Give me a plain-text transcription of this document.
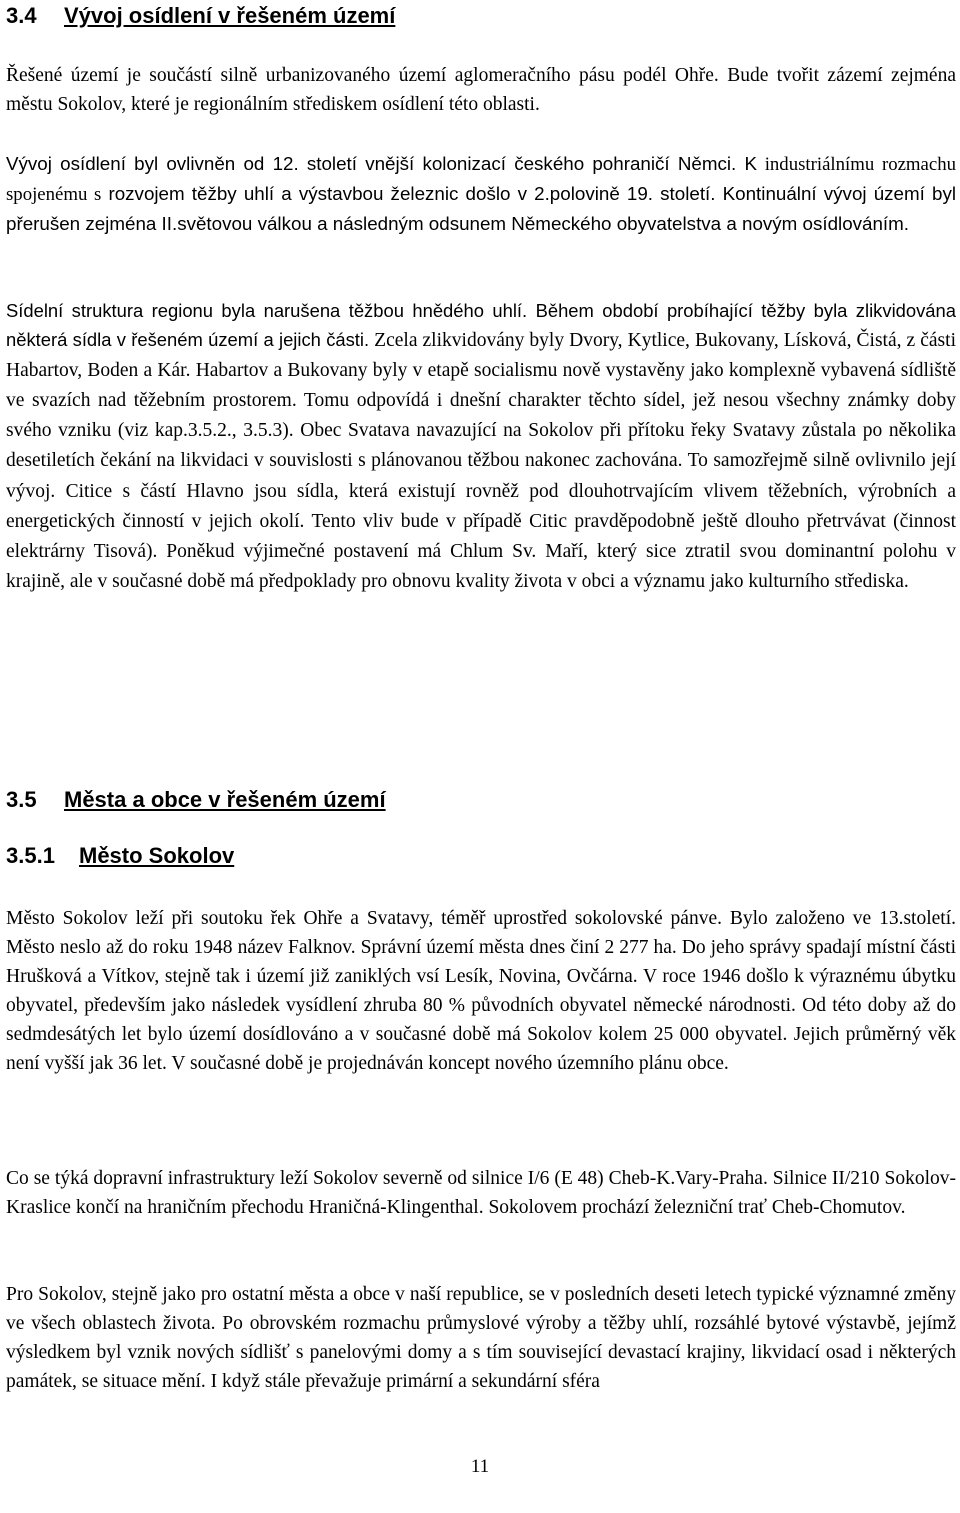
3.4 Vývoj osídlení v řešeném území

Řešené území je součástí silně urbanizovaného území aglomeračního pásu podél Ohře. Bude tvořit zázemí zejména městu Sokolov, které je regionálním střediskem osídlení této oblasti.

Vývoj osídlení byl ovlivněn od 12. století vnější kolonizací českého pohraničí Němci. K industriálnímu rozmachu spojenému s rozvojem těžby uhlí a výstavbou železnic došlo v 2.polovině 19. století. Kontinuální vývoj území byl přerušen zejména II.světovou válkou a následným odsunem Německého obyvatelstva a novým osídlováním.

Sídelní struktura regionu byla narušena těžbou hnědého uhlí. Během období probíhající těžby byla zlikvidována některá sídla v řešeném území a jejich části. Zcela zlikvidovány byly Dvory, Kytlice, Bukovany, Lísková, Čistá, z části Habartov, Boden a Kár. Habartov a Bukovany byly v etapě socialismu nově vystavěny jako komplexně vybavená sídliště ve svazích nad těžebním prostorem. Tomu odpovídá i dnešní charakter těchto sídel, jež nesou všechny známky doby svého vzniku (viz kap.3.5.2., 3.5.3). Obec Svatava navazující na Sokolov při přítoku řeky Svatavy zůstala po několika desetiletích čekání na likvidaci v souvislosti s plánovanou těžbou nakonec zachována. To samozřejmě silně ovlivnilo její vývoj. Citice s částí Hlavno jsou sídla, která existují rovněž pod dlouhotrvajícím vlivem těžebních, výrobních a energetických činností v jejich okolí. Tento vliv bude v případě Citic pravděpodobně ještě dlouho přetrvávat (činnost elektrárny Tisová). Poněkud výjimečné postavení má Chlum Sv. Maří, který sice ztratil svou dominantní polohu v krajině, ale v současné době má předpoklady pro obnovu kvality života v obci a významu jako kulturního střediska.

3.5 Města a obce v řešeném území
3.5.1 Město Sokolov

Město Sokolov leží při soutoku řek Ohře a Svatavy, téměř uprostřed sokolovské pánve. Bylo založeno ve 13.století. Město neslo až do roku 1948 název Falknov. Správní území města dnes činí 2 277 ha. Do jeho správy spadají místní části Hrušková a Vítkov, stejně tak i území již zaniklých vsí Lesík, Novina, Ovčárna. V roce 1946 došlo k výraznému úbytku obyvatel, především jako následek vysídlení zhruba 80 % původních obyvatel německé národnosti. Od této doby až do sedmdesátých let bylo území dosídlováno a v současné době má Sokolov kolem 25 000 obyvatel. Jejich průměrný věk není vyšší jak 36 let. V současné době je projednáván koncept nového územního plánu obce.

Co se týká dopravní infrastruktury leží Sokolov severně od silnice I/6 (E 48) Cheb-K.Vary-Praha. Silnice II/210 Sokolov-Kraslice končí na hraničním přechodu Hraničná-Klingenthal. Sokolovem prochází železniční trať Cheb-Chomutov.

Pro Sokolov, stejně jako pro ostatní města a obce v naší republice, se v posledních deseti letech typické významné změny ve všech oblastech života. Po obrovském rozmachu průmyslové výroby a těžby uhlí, rozsáhlé bytové výstavbě, jejímž výsledkem byl vznik nových sídlišť s panelovými domy a s tím související devastací krajiny, likvidací osad i některých památek, se situace mění. I když stále převažuje primární a sekundární sféra

11
